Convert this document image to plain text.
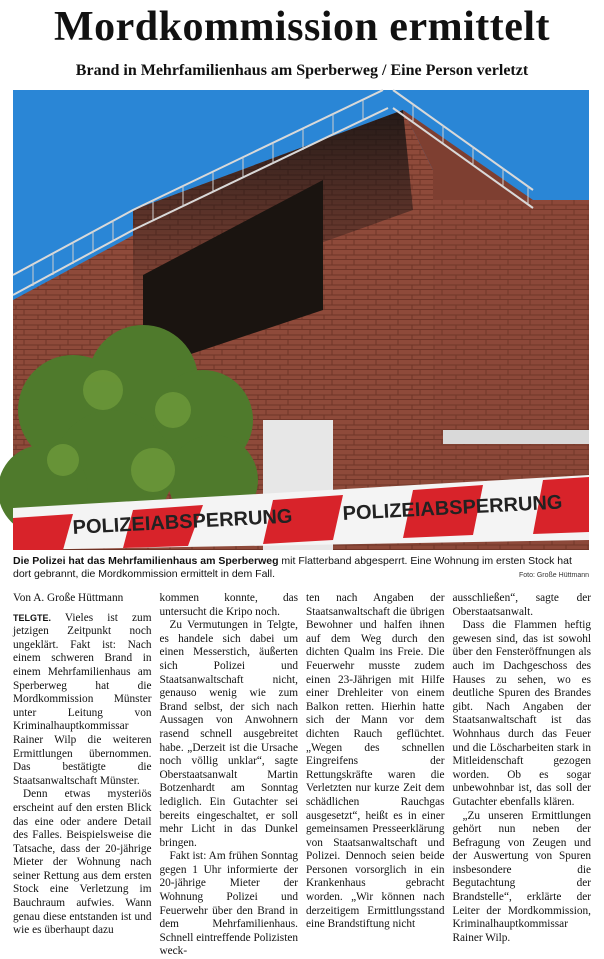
Mordkommission ermittelt
Brand in Mehrfamilienhaus am Sperberweg / Eine Person verletzt
POLIZEIABSPERRUNG POLIZEIABSPERRUNG
Die Polizei hat das Mehrfamilienhaus am Sperberweg mit Flatterband abgesperrt. Eine Wohnung im ersten Stock hat dort gebrannt, die Mordkommission ermittelt in dem Fall.	Foto: Große Hüttmann
Von A. Große Hüttmann

TELGTE. Vieles ist zum jetzigen Zeitpunkt noch ungeklärt. Fakt ist: Nach einem schweren Brand in einem Mehrfamilienhaus am Sperberweg hat die Mordkommission Münster unter Leitung von Kriminalhauptkommissar Rainer Wilp die weiteren Ermittlungen übernommen. Das bestätigte die Staatsanwaltschaft Münster.

Denn etwas mysteriös erscheint auf den ersten Blick das eine oder andere Detail des Falles. Beispielsweise die Tatsache, dass der 20-jährige Mieter der Wohnung nach seiner Rettung aus dem ersten Stock eine Verletzung im Bauchraum aufwies. Wann genau diese entstanden ist und wie es überhaupt dazu

kommen konnte, das untersucht die Kripo noch.

Zu Vermutungen in Telgte, es handele sich dabei um einen Messerstich, äußerten sich Polizei und Staatsanwaltschaft nicht, genauso wenig wie zum Brand selbst, der sich nach Aussagen von Anwohnern rasend schnell ausgebreitet habe. „Derzeit ist die Ursache noch völlig unklar“, sagte Oberstaatsanwalt Martin Botzenhardt am Sonntag lediglich. Ein Gutachter sei bereits eingeschaltet, er soll mehr Licht in das Dunkel bringen.

Fakt ist: Am frühen Sonntag gegen 1 Uhr informierte der 20-jährige Mieter der Wohnung Polizei und Feuerwehr über den Brand in dem Mehrfamilienhaus. Schnell eintreffende Polizisten weck-

ten nach Angaben der Staatsanwaltschaft die übrigen Bewohner und halfen ihnen auf dem Weg durch den dichten Qualm ins Freie. Die Feuerwehr musste zudem einen 23-Jährigen mit Hilfe einer Drehleiter von einem Balkon retten. Hierhin hatte sich der Mann vor dem dichten Rauch geflüchtet. „Wegen des schnellen Eingreifens der Rettungskräfte waren die Verletzten nur kurze Zeit dem schädlichen Rauchgas ausgesetzt“, heißt es in einer gemeinsamen Presseerklärung von Staatsanwaltschaft und Polizei. Dennoch seien beide Personen vorsorglich in ein Krankenhaus gebracht worden. „Wir können nach derzeitigem Ermittlungsstand eine Brandstiftung nicht

ausschließen“, sagte der Oberstaatsanwalt.

Dass die Flammen heftig gewesen sind, das ist sowohl über den Fensteröffnungen als auch im Dachgeschoss des Hauses zu sehen, wo es deutliche Spuren des Brandes gibt. Nach Angaben der Staatsanwaltschaft ist das Wohnhaus durch das Feuer und die Löscharbeiten stark in Mitleidenschaft gezogen worden. Ob es sogar unbewohnbar ist, das soll der Gutachter ebenfalls klären.

„Zu unseren Ermittlungen gehört nun neben der Befragung von Zeugen und der Auswertung von Spuren insbesondere die Begutachtung der Brandstelle“, erklärte der Leiter der Mordkommission, Kriminalhauptkommissar Rainer Wilp.
